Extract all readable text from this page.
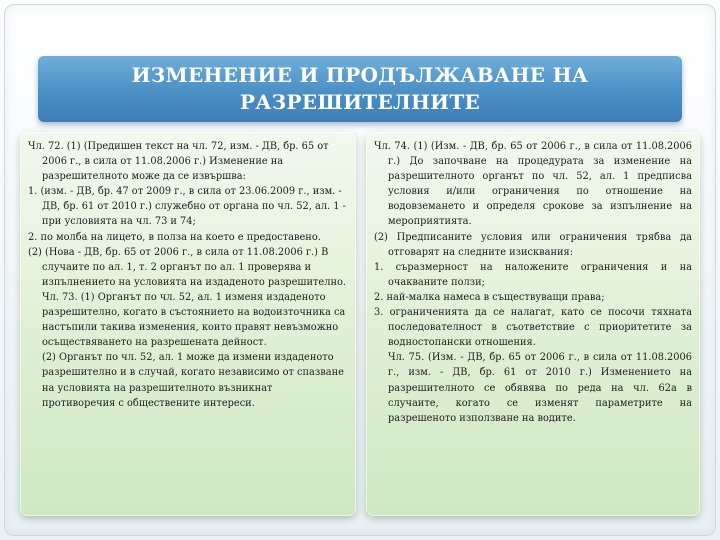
ИЗМЕНЕНИЕ И ПРОДЪЛЖАВАНЕ НА РАЗРЕШИТЕЛНИТЕ

Чл. 72. (1) (Предишен текст на чл. 72, изм. - ДВ, бр. 65 от 2006 г., в сила от 11.08.2006 г.) Изменение на разрешителното може да се извършва:

1. (изм. - ДВ, бр. 47 от 2009 г., в сила от 23.06.2009 г., изм. - ДВ, бр. 61 от 2010 г.) служебно от органа по чл. 52, ал. 1 - при условията на чл. 73 и 74;

2. по молба на лицето, в полза на което е предоставено.

(2) (Нова - ДВ, бр. 65 от 2006 г., в сила от 11.08.2006 г.) В случаите по ал. 1, т. 2 органът по ал. 1 проверява и изпълнението на условията на издаденото разрешително.

Чл. 73. (1) Органът по чл. 52, ал. 1 изменя издаденото разрешително, когато в състоянието на водоизточника са настъпили такива изменения, които правят невъзможно осъществяването на разрешената дейност.

(2) Органът по чл. 52, ал. 1 може да измени издаденото разрешително и в случай, когато независимо от спазване на условията на разрешителното възникнат противоречия с обществените интереси.

Чл. 74. (1) (Изм. - ДВ, бр. 65 от 2006 г., в сила от 11.08.2006 г.) До започване на процедурата за изменение на разрешителното органът по чл. 52, ал. 1 предписва условия и/или ограничения по отношение на водовземането и определя срокове за изпълнение на мероприятията.

(2) Предписаните условия или ограничения трябва да отговарят на следните изисквания:

1. съразмерност на наложените ограничения и на очакваните ползи;

2. най-малка намеса в съществуващи права;

3. ограниченията да се налагат, като се посочи тяхната последователност в съответствие с приоритетите за водностопански отношения.

Чл. 75. (Изм. - ДВ, бр. 65 от 2006 г., в сила от 11.08.2006 г., изм. - ДВ, бр. 61 от 2010 г.) Изменението на разрешителното се обявява по реда на чл. 62а в случаите, когато се изменят параметрите на разрешеното използване на водите.
